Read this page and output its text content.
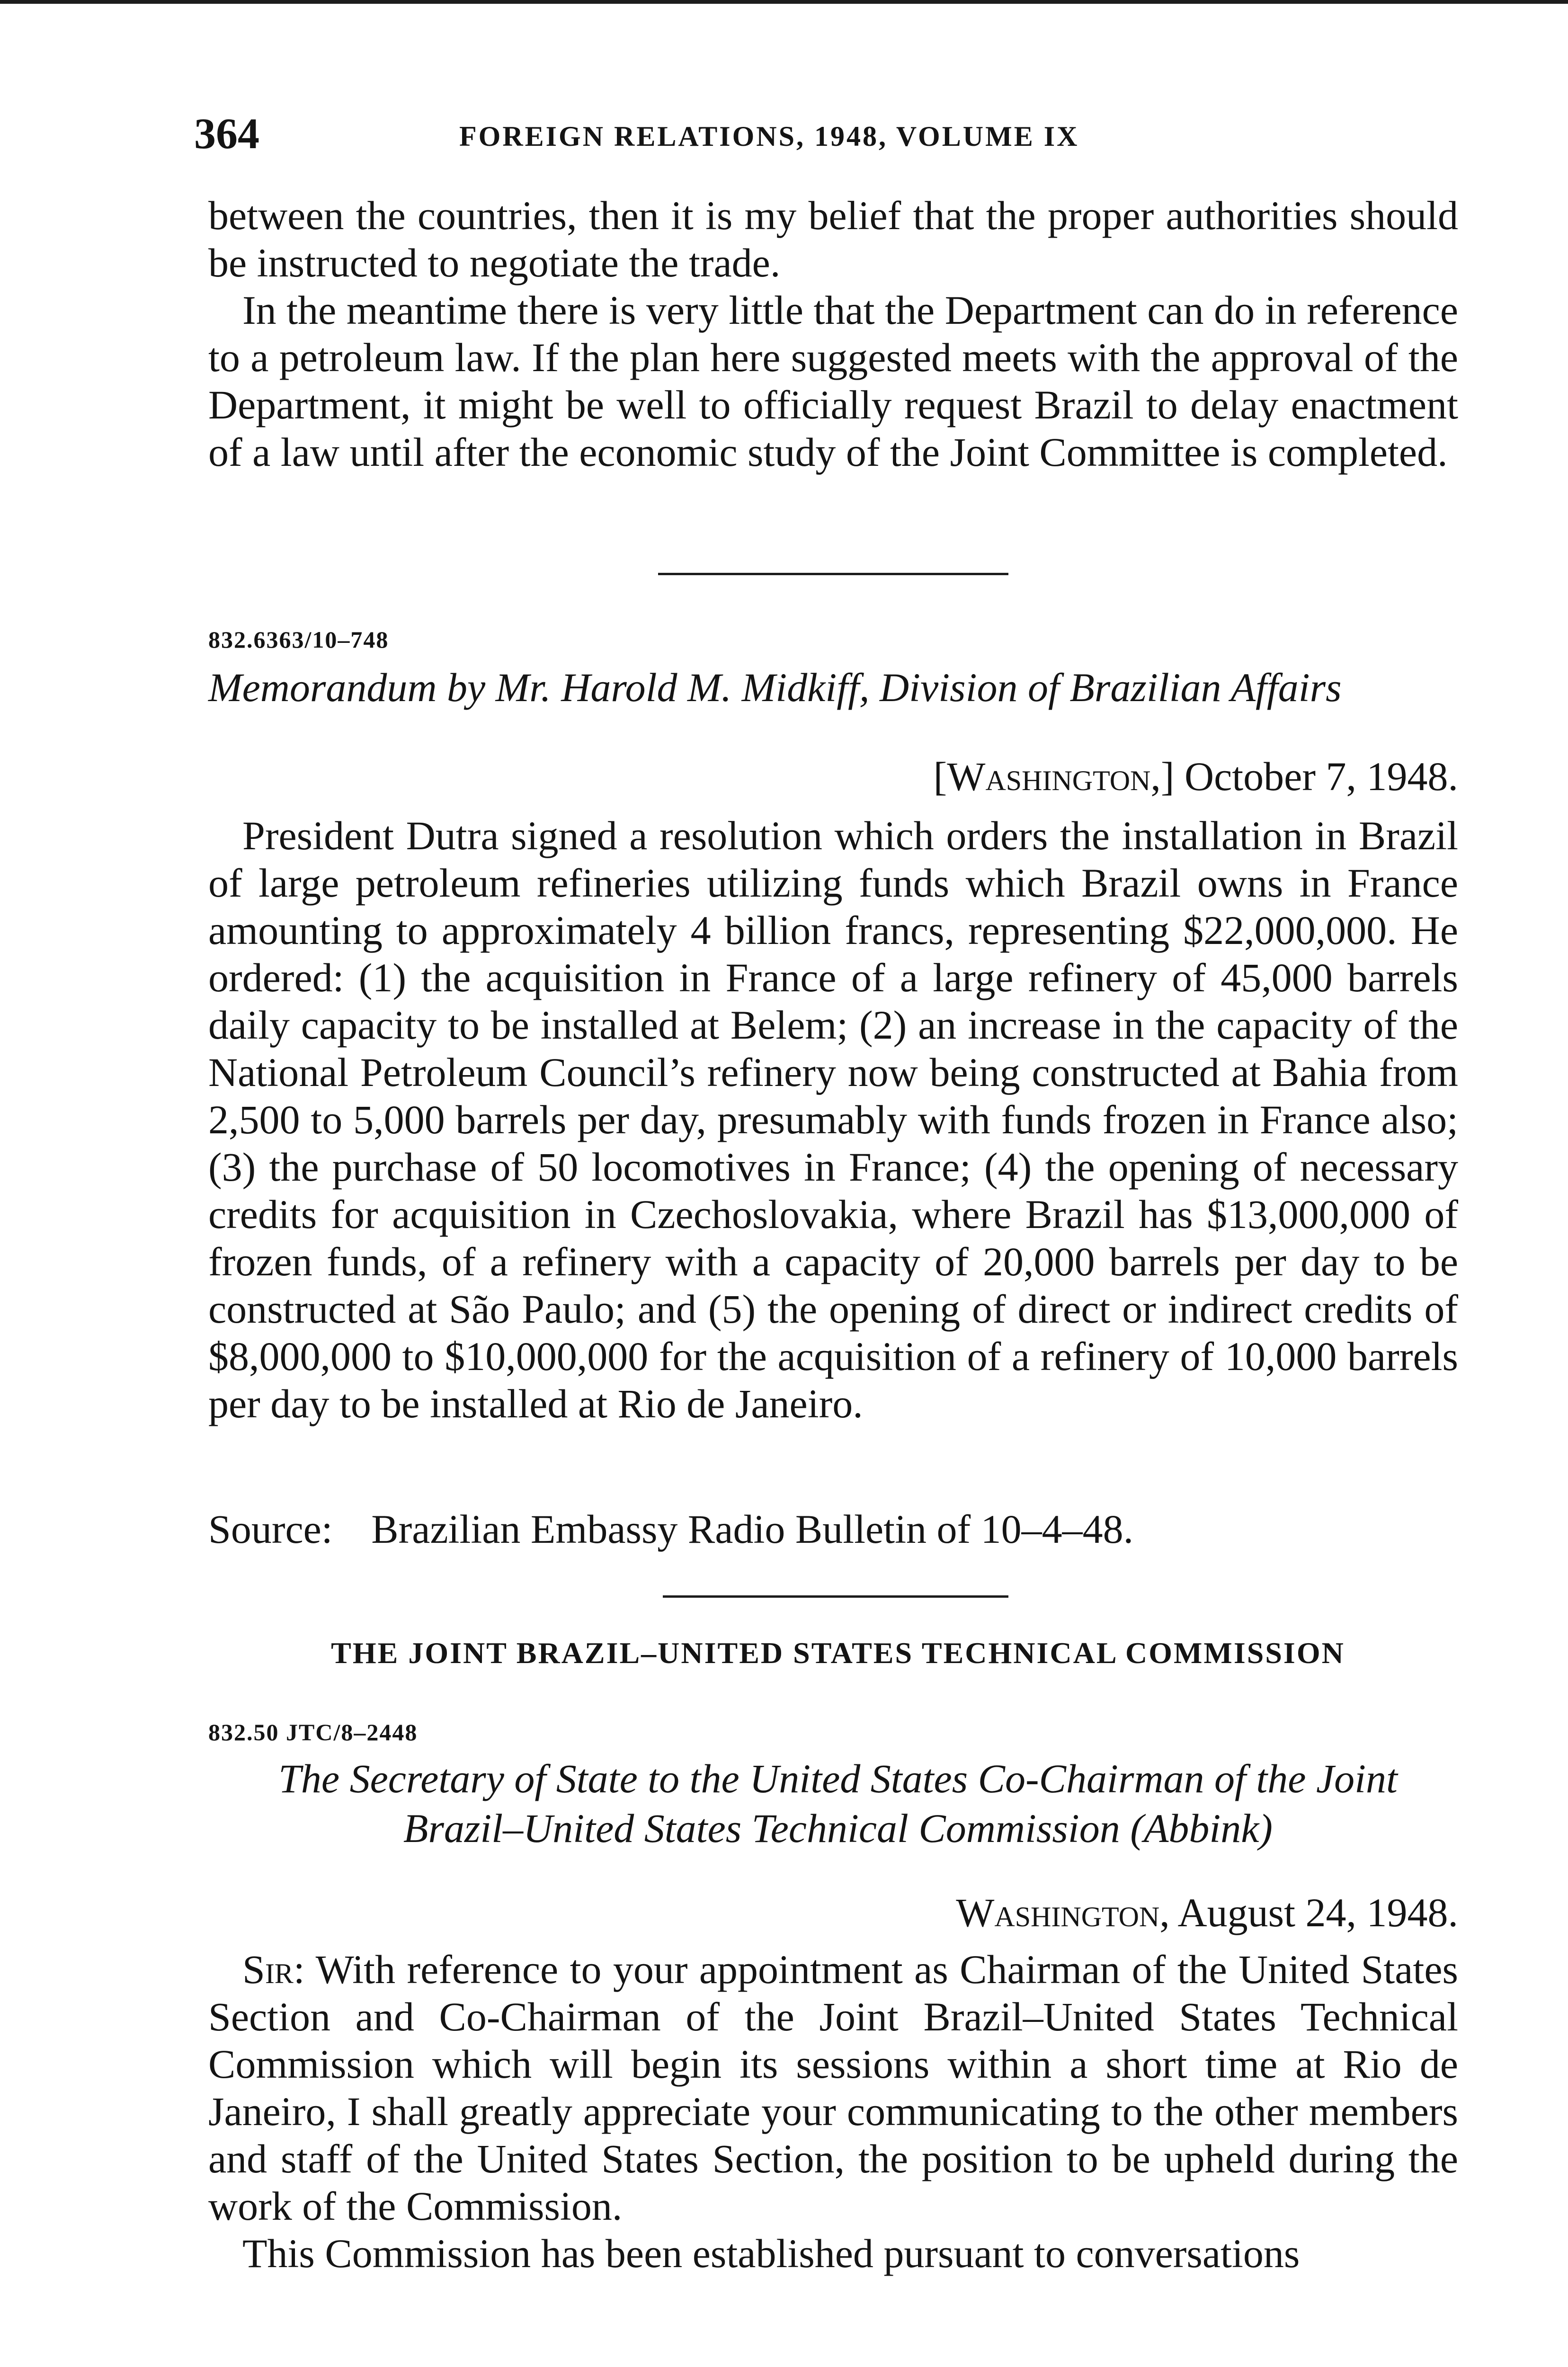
364	FOREIGN RELATIONS, 1948, VOLUME IX

between the countries, then it is my belief that the proper authorities should be instructed to negotiate the trade.

In the meantime there is very little that the Department can do in reference to a petroleum law. If the plan here suggested meets with the approval of the Department, it might be well to officially request Brazil to delay enactment of a law until after the economic study of the Joint Committee is completed.

832.6363/10–748
Memorandum by Mr. Harold M. Midkiff, Division of Brazilian Affairs
[Washington,] October 7, 1948.

President Dutra signed a resolution which orders the installation in Brazil of large petroleum refineries utilizing funds which Brazil owns in France amounting to approximately 4 billion francs, representing $22,000,000. He ordered: (1) the acquisition in France of a large refinery of 45,000 barrels daily capacity to be installed at Belem; (2) an increase in the capacity of the National Petroleum Council’s refinery now being constructed at Bahia from 2,500 to 5,000 barrels per day, presumably with funds frozen in France also; (3) the purchase of 50 locomotives in France; (4) the opening of necessary credits for acquisition in Czechoslovakia, where Brazil has $13,000,000 of frozen funds, of a refinery with a capacity of 20,000 barrels per day to be constructed at São Paulo; and (5) the opening of direct or indirect credits of $8,000,000 to $10,000,000 for the acquisition of a refinery of 10,000 barrels per day to be installed at Rio de Janeiro.

Source: Brazilian Embassy Radio Bulletin of 10–4–48.
THE JOINT BRAZIL–UNITED STATES TECHNICAL COMMISSION
832.50 JTC/8–2448
The Secretary of State to the United States Co-Chairman of the Joint
Brazil–United States Technical Commission (Abbink)
Washington, August 24, 1948.

Sir: With reference to your appointment as Chairman of the United States Section and Co-Chairman of the Joint Brazil–United States Technical Commission which will begin its sessions within a short time at Rio de Janeiro, I shall greatly appreciate your communicating to the other members and staff of the United States Section, the position to be upheld during the work of the Commission.

This Commission has been established pursuant to conversations
